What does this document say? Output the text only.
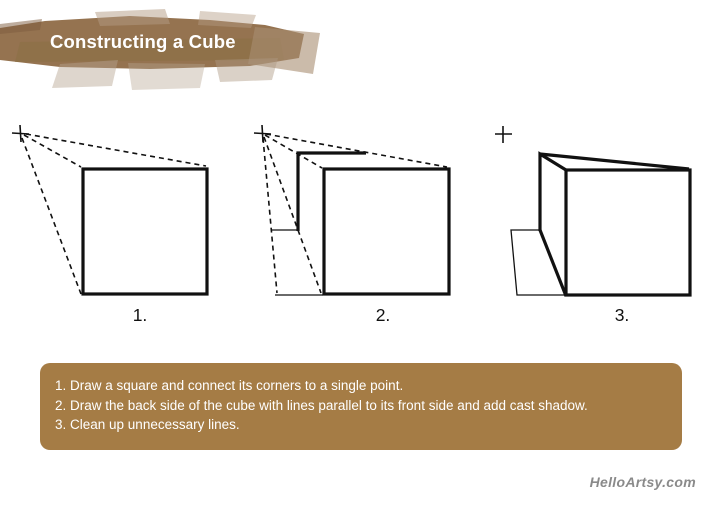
Constructing a Cube
1.	2.	3.
1. Draw a square and connect its corners to a single point.
2. Draw the back side of the cube with lines parallel to its front side and add cast shadow.
3. Clean up unnecessary lines.
HelloArtsy.com
